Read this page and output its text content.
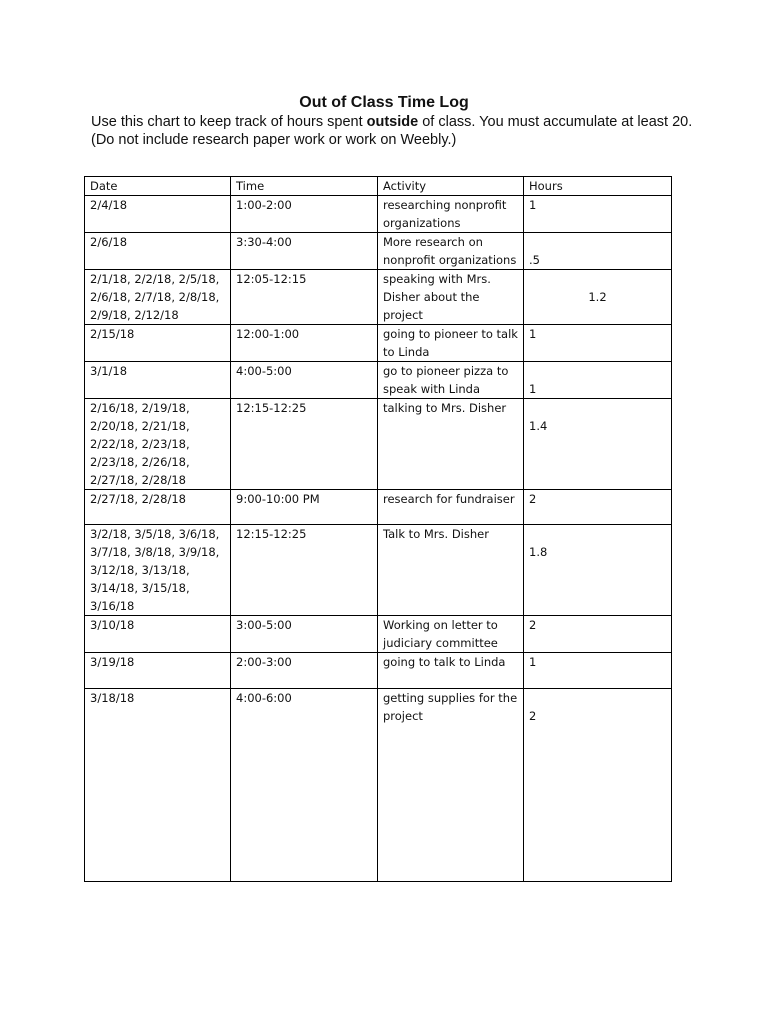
Out of Class Time Log
Use this chart to keep track of hours spent outside of class. You must accumulate at least 20.
(Do not include research paper work or work on Weebly.)
Date	Time	Activity	Hours
2/4/18	1:00-2:00	researching nonprofit organizations	1
2/6/18	3:30-4:00	More research on nonprofit organizations	.5
2/1/18, 2/2/18, 2/5/18, 2/6/18, 2/7/18, 2/8/18, 2/9/18, 2/12/18	12:05-12:15	speaking with Mrs. Disher about the project	1.2
2/15/18	12:00-1:00	going to pioneer to talk to Linda	1
3/1/18	4:00-5:00	go to pioneer pizza to speak with Linda	1
2/16/18, 2/19/18, 2/20/18, 2/21/18, 2/22/18, 2/23/18, 2/23/18, 2/26/18, 2/27/18, 2/28/18	12:15-12:25	talking to Mrs. Disher	1.4
2/27/18, 2/28/18	9:00-10:00 PM	research for fundraiser	2
3/2/18, 3/5/18, 3/6/18, 3/7/18, 3/8/18, 3/9/18, 3/12/18, 3/13/18, 3/14/18, 3/15/18, 3/16/18	12:15-12:25	Talk to Mrs. Disher	1.8
3/10/18	3:00-5:00	Working on letter to judiciary committee	2
3/19/18	2:00-3:00	going to talk to Linda	1
3/18/18	4:00-6:00	getting supplies for the project	2
